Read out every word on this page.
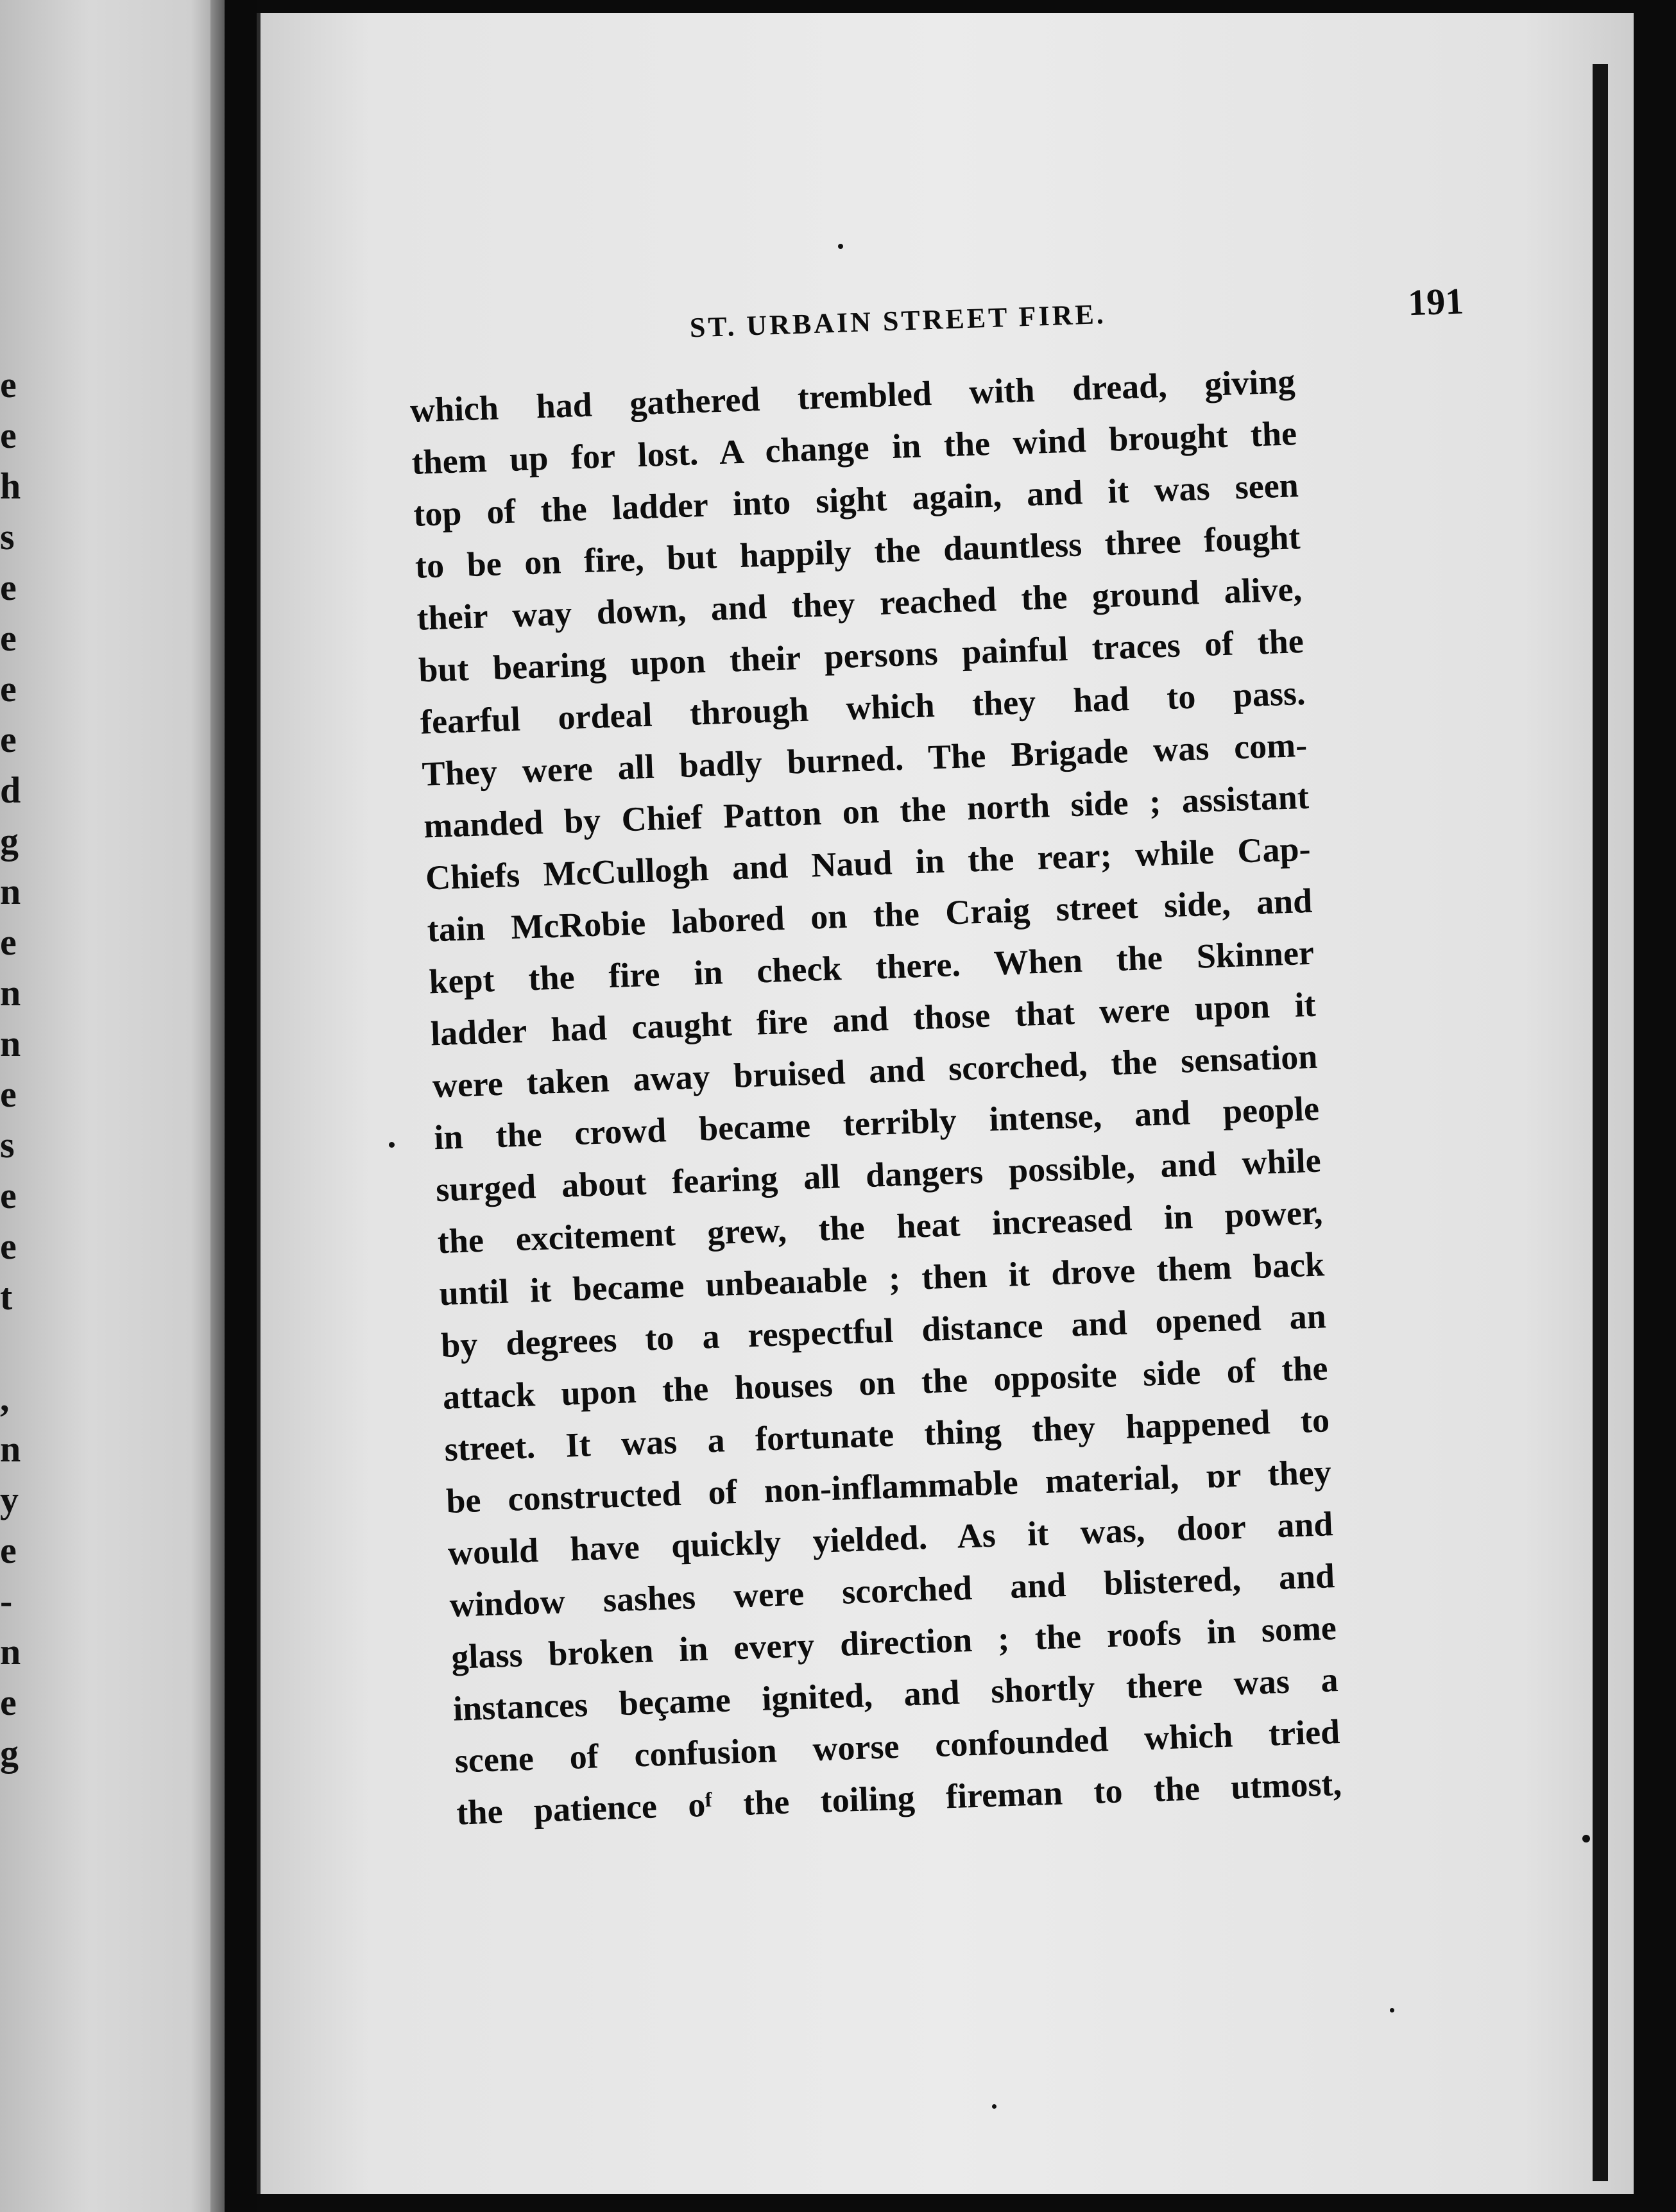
e
e
h
s
e
e
e
e
d
g
n
e
n
n
e
s
e
e
t
,
n
y
e
-
n
e
g
ST. URBAIN STREET FIRE.	191
which had gathered trembled with dread, giving
them up for lost. A change in the wind brought the
top of the ladder into sight again, and it was seen
to be on fire, but happily the dauntless three fought
their way down, and they reached the ground alive,
but bearing upon their persons painful traces of the
fearful ordeal through which they had to pass.
They were all badly burned. The Brigade was com-
manded by Chief Patton on the north side ; assistant
Chiefs McCullogh and Naud in the rear; while Cap-
tain McRobie labored on the Craig street side, and
kept the fire in check there. When the Skinner
ladder had caught fire and those that were upon it
were taken away bruised and scorched, the sensation
in the crowd became terribly intense, and people
surged about fearing all dangers possible, and while
the excitement grew, the heat increased in power,
until it became unbeaıable ; then it drove them back
by degrees to a respectful distance and opened an
attack upon the houses on the opposite side of the
street. It was a fortunate thing they happened to
be constructed of non-inflammable material, ɒr they
would have quickly yielded. As it was, door and
window sashes were scorched and blistered, and
glass broken in every direction ; the roofs in some
instances beçame ignited, and shortly there was a
scene of confusion worse confounded which tried
the patience oᶠ the toiling fireman to the utmost,
